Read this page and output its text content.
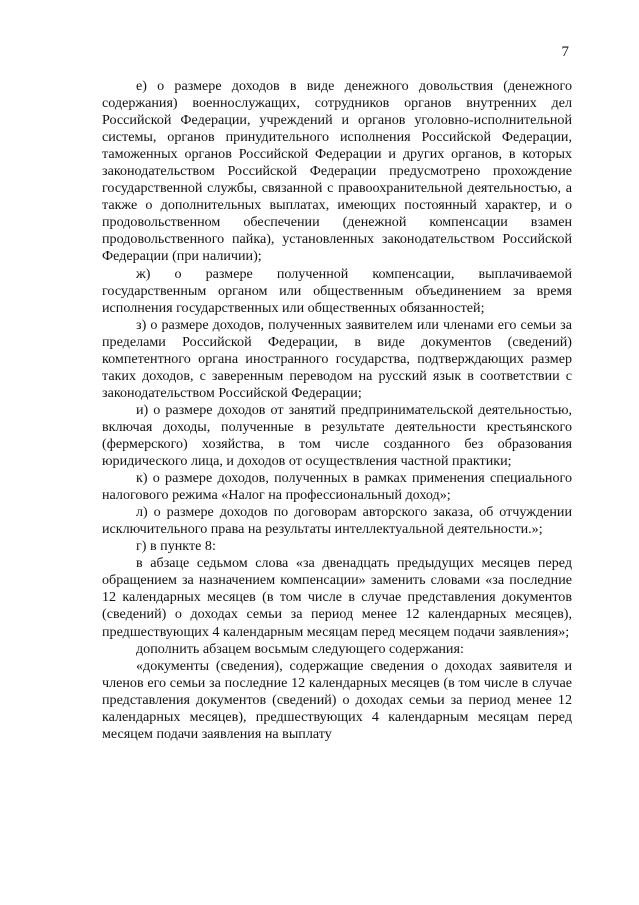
7

е) о размере доходов в виде денежного довольствия (денежного содержания) военнослужащих, сотрудников органов внутренних дел Российской Федерации, учреждений и органов уголовно-исполнительной системы, органов принудительного исполнения Российской Федерации, таможенных органов Российской Федерации и других органов, в которых законодательством Российской Федерации предусмотрено прохождение государственной службы, связанной с правоохранительной деятельностью, а также о дополнительных выплатах, имеющих постоянный характер, и о продовольственном обеспечении (денежной компенсации взамен продовольственного пайка), установленных законодательством Российской Федерации (при наличии);

ж) о размере полученной компенсации, выплачиваемой государственным органом или общественным объединением за время исполнения государственных или общественных обязанностей;

з) о размере доходов, полученных заявителем или членами его семьи за пределами Российской Федерации, в виде документов (сведений) компетентного органа иностранного государства, подтверждающих размер таких доходов, с заверенным переводом на русский язык в соответствии с законодательством Российской Федерации;

и) о размере доходов от занятий предпринимательской деятельностью, включая доходы, полученные в результате деятельности крестьянского (фермерского) хозяйства, в том числе созданного без образования юридического лица, и доходов от осуществления частной практики;

к) о размере доходов, полученных в рамках применения специального налогового режима «Налог на профессиональный доход»;

л) о размере доходов по договорам авторского заказа, об отчуждении исключительного права на результаты интеллектуальной деятельности.»;

г) в пункте 8:

в абзаце седьмом слова «за двенадцать предыдущих месяцев перед обращением за назначением компенсации» заменить словами «за последние 12 календарных месяцев (в том числе в случае представления документов (сведений) о доходах семьи за период менее 12 календарных месяцев), предшествующих 4 календарным месяцам перед месяцем подачи заявления»;

дополнить абзацем восьмым следующего содержания:

«документы (сведения), содержащие сведения о доходах заявителя и членов его семьи за последние 12 календарных месяцев (в том числе в случае представления документов (сведений) о доходах семьи за период менее 12 календарных месяцев), предшествующих 4 календарным месяцам перед месяцем подачи заявления на выплату
